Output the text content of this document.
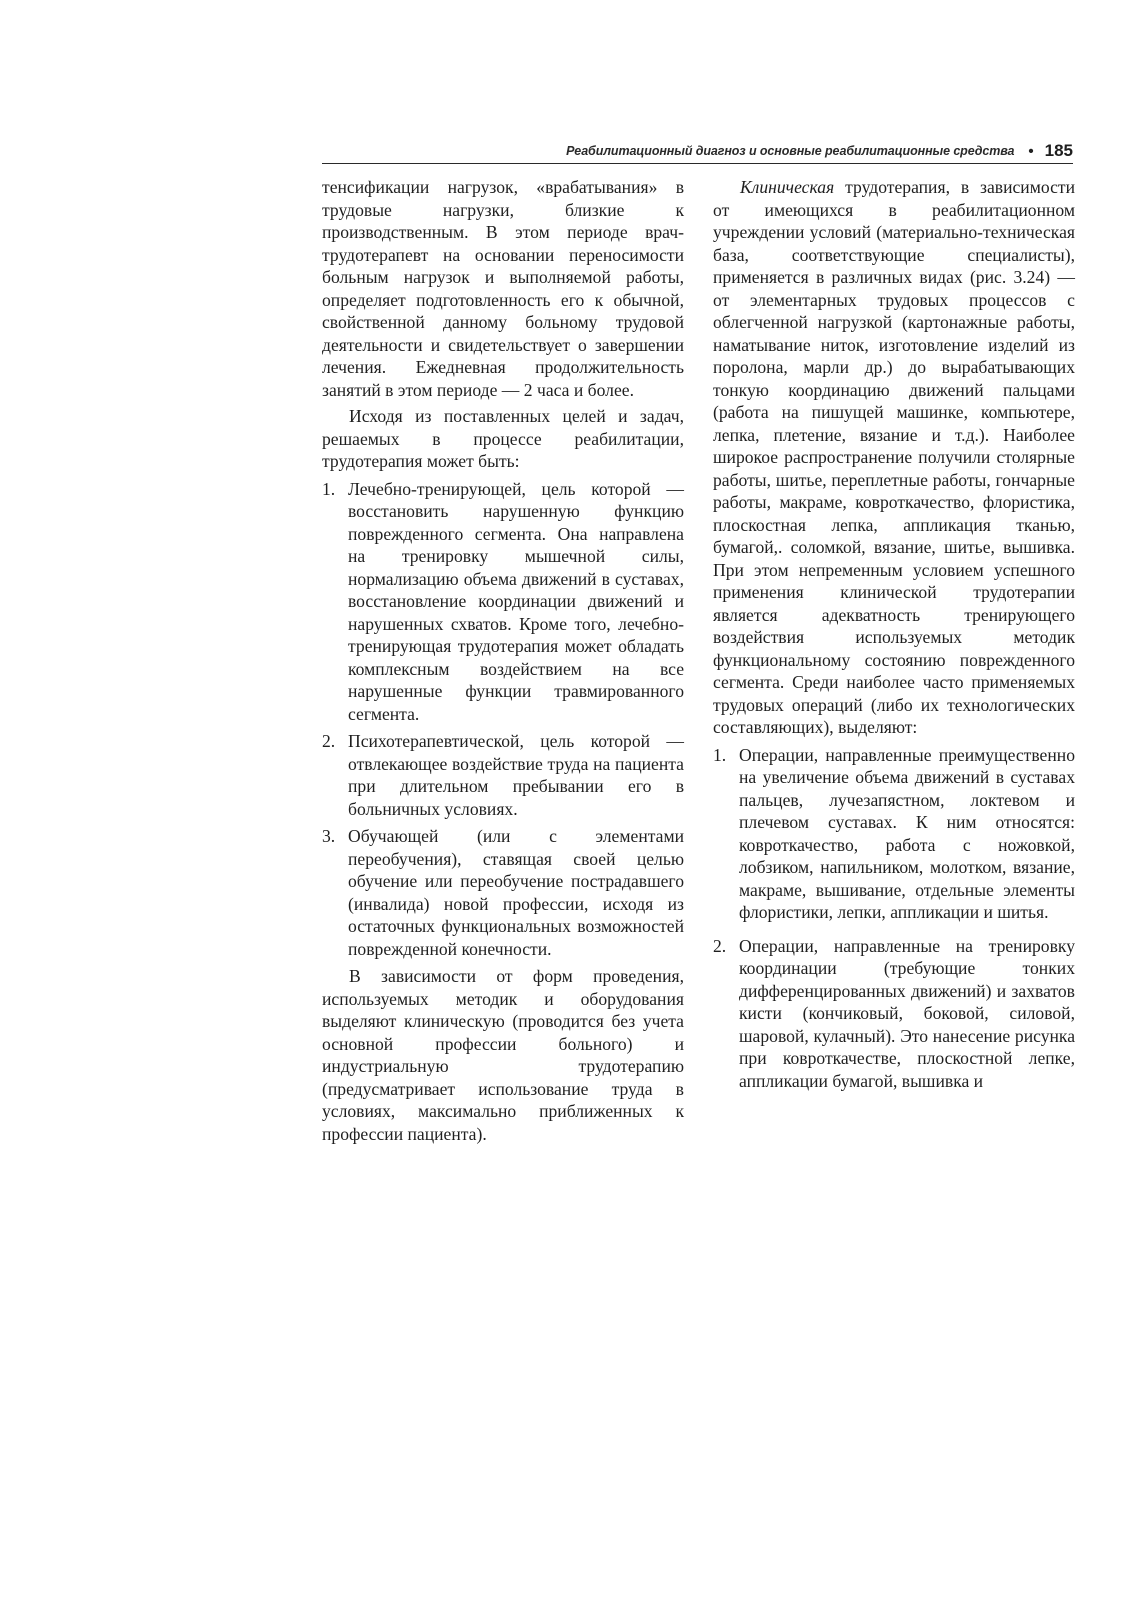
Реабилитационный диагноз и основные реабилитационные средства • 185

тенсификации нагрузок, «врабатывания» в трудовые нагрузки, близкие к производственным. В этом периоде врач-трудотерапевт на основании переносимости больным нагрузок и выполняемой работы, определяет подготовленность его к обычной, свойственной данному больному трудовой деятельности и свидетельствует о завершении лечения. Ежедневная продолжительность занятий в этом периоде — 2 часа и более.

Исходя из поставленных целей и задач, решаемых в процессе реабилитации, трудотерапия может быть:

1. Лечебно-тренирующей, цель которой — восстановить нарушенную функцию поврежденного сегмента. Она направлена на тренировку мышечной силы, нормализацию объема движений в суставах, восстановление координации движений и нарушенных схватов. Кроме того, лечебно-тренирующая трудотерапия может обладать комплексным воздействием на все нарушенные функции травмированного сегмента.
2. Психотерапевтической, цель которой — отвлекающее воздействие труда на пациента при длительном пребывании его в больничных условиях.
3. Обучающей (или с элементами переобучения), ставящая своей целью обучение или переобучение пострадавшего (инвалида) новой профессии, исходя из остаточных функциональных возможностей поврежденной конечности.

В зависимости от форм проведения, используемых методик и оборудования выделяют клиническую (проводится без учета основной профессии больного) и индустриальную трудотерапию (предусматривает использование труда в условиях, максимально приближенных к профессии пациента).

Клиническая трудотерапия, в зависимости от имеющихся в реабилитационном учреждении условий (материально-техническая база, соответствующие специалисты), применяется в различных видах (рис. 3.24) — от элементарных трудовых процессов с облегченной нагрузкой (картонажные работы, наматывание ниток, изготовление изделий из поролона, марли др.) до вырабатывающих тонкую координацию движений пальцами (работа на пишущей машинке, компьютере, лепка, плетение, вязание и т.д.). Наиболее широкое распространение получили столярные работы, шитье, переплетные работы, гончарные работы, макраме, ковроткачество, флористика, плоскостная лепка, аппликация тканью, бумагой,. соломкой, вязание, шитье, вышивка. При этом непременным условием успешного применения клинической трудотерапии является адекватность тренирующего воздействия используемых методик функциональному состоянию поврежденного сегмента. Среди наиболее часто применяемых трудовых операций (либо их технологических составляющих), выделяют:

1. Операции, направленные преимущественно на увеличение объема движений в суставах пальцев, лучезапястном, локтевом и плечевом суставах. К ним относятся: ковроткачество, работа с ножовкой, лобзиком, напильником, молотком, вязание, макраме, вышивание, отдельные элементы флористики, лепки, аппликации и шитья.
2. Операции, направленные на тренировку координации (требующие тонких дифференцированных движений) и захватов кисти (кончиковый, боковой, силовой, шаровой, кулачный). Это нанесение рисунка при ковроткачестве, плоскостной лепке, аппликации бумагой, вышивка и
